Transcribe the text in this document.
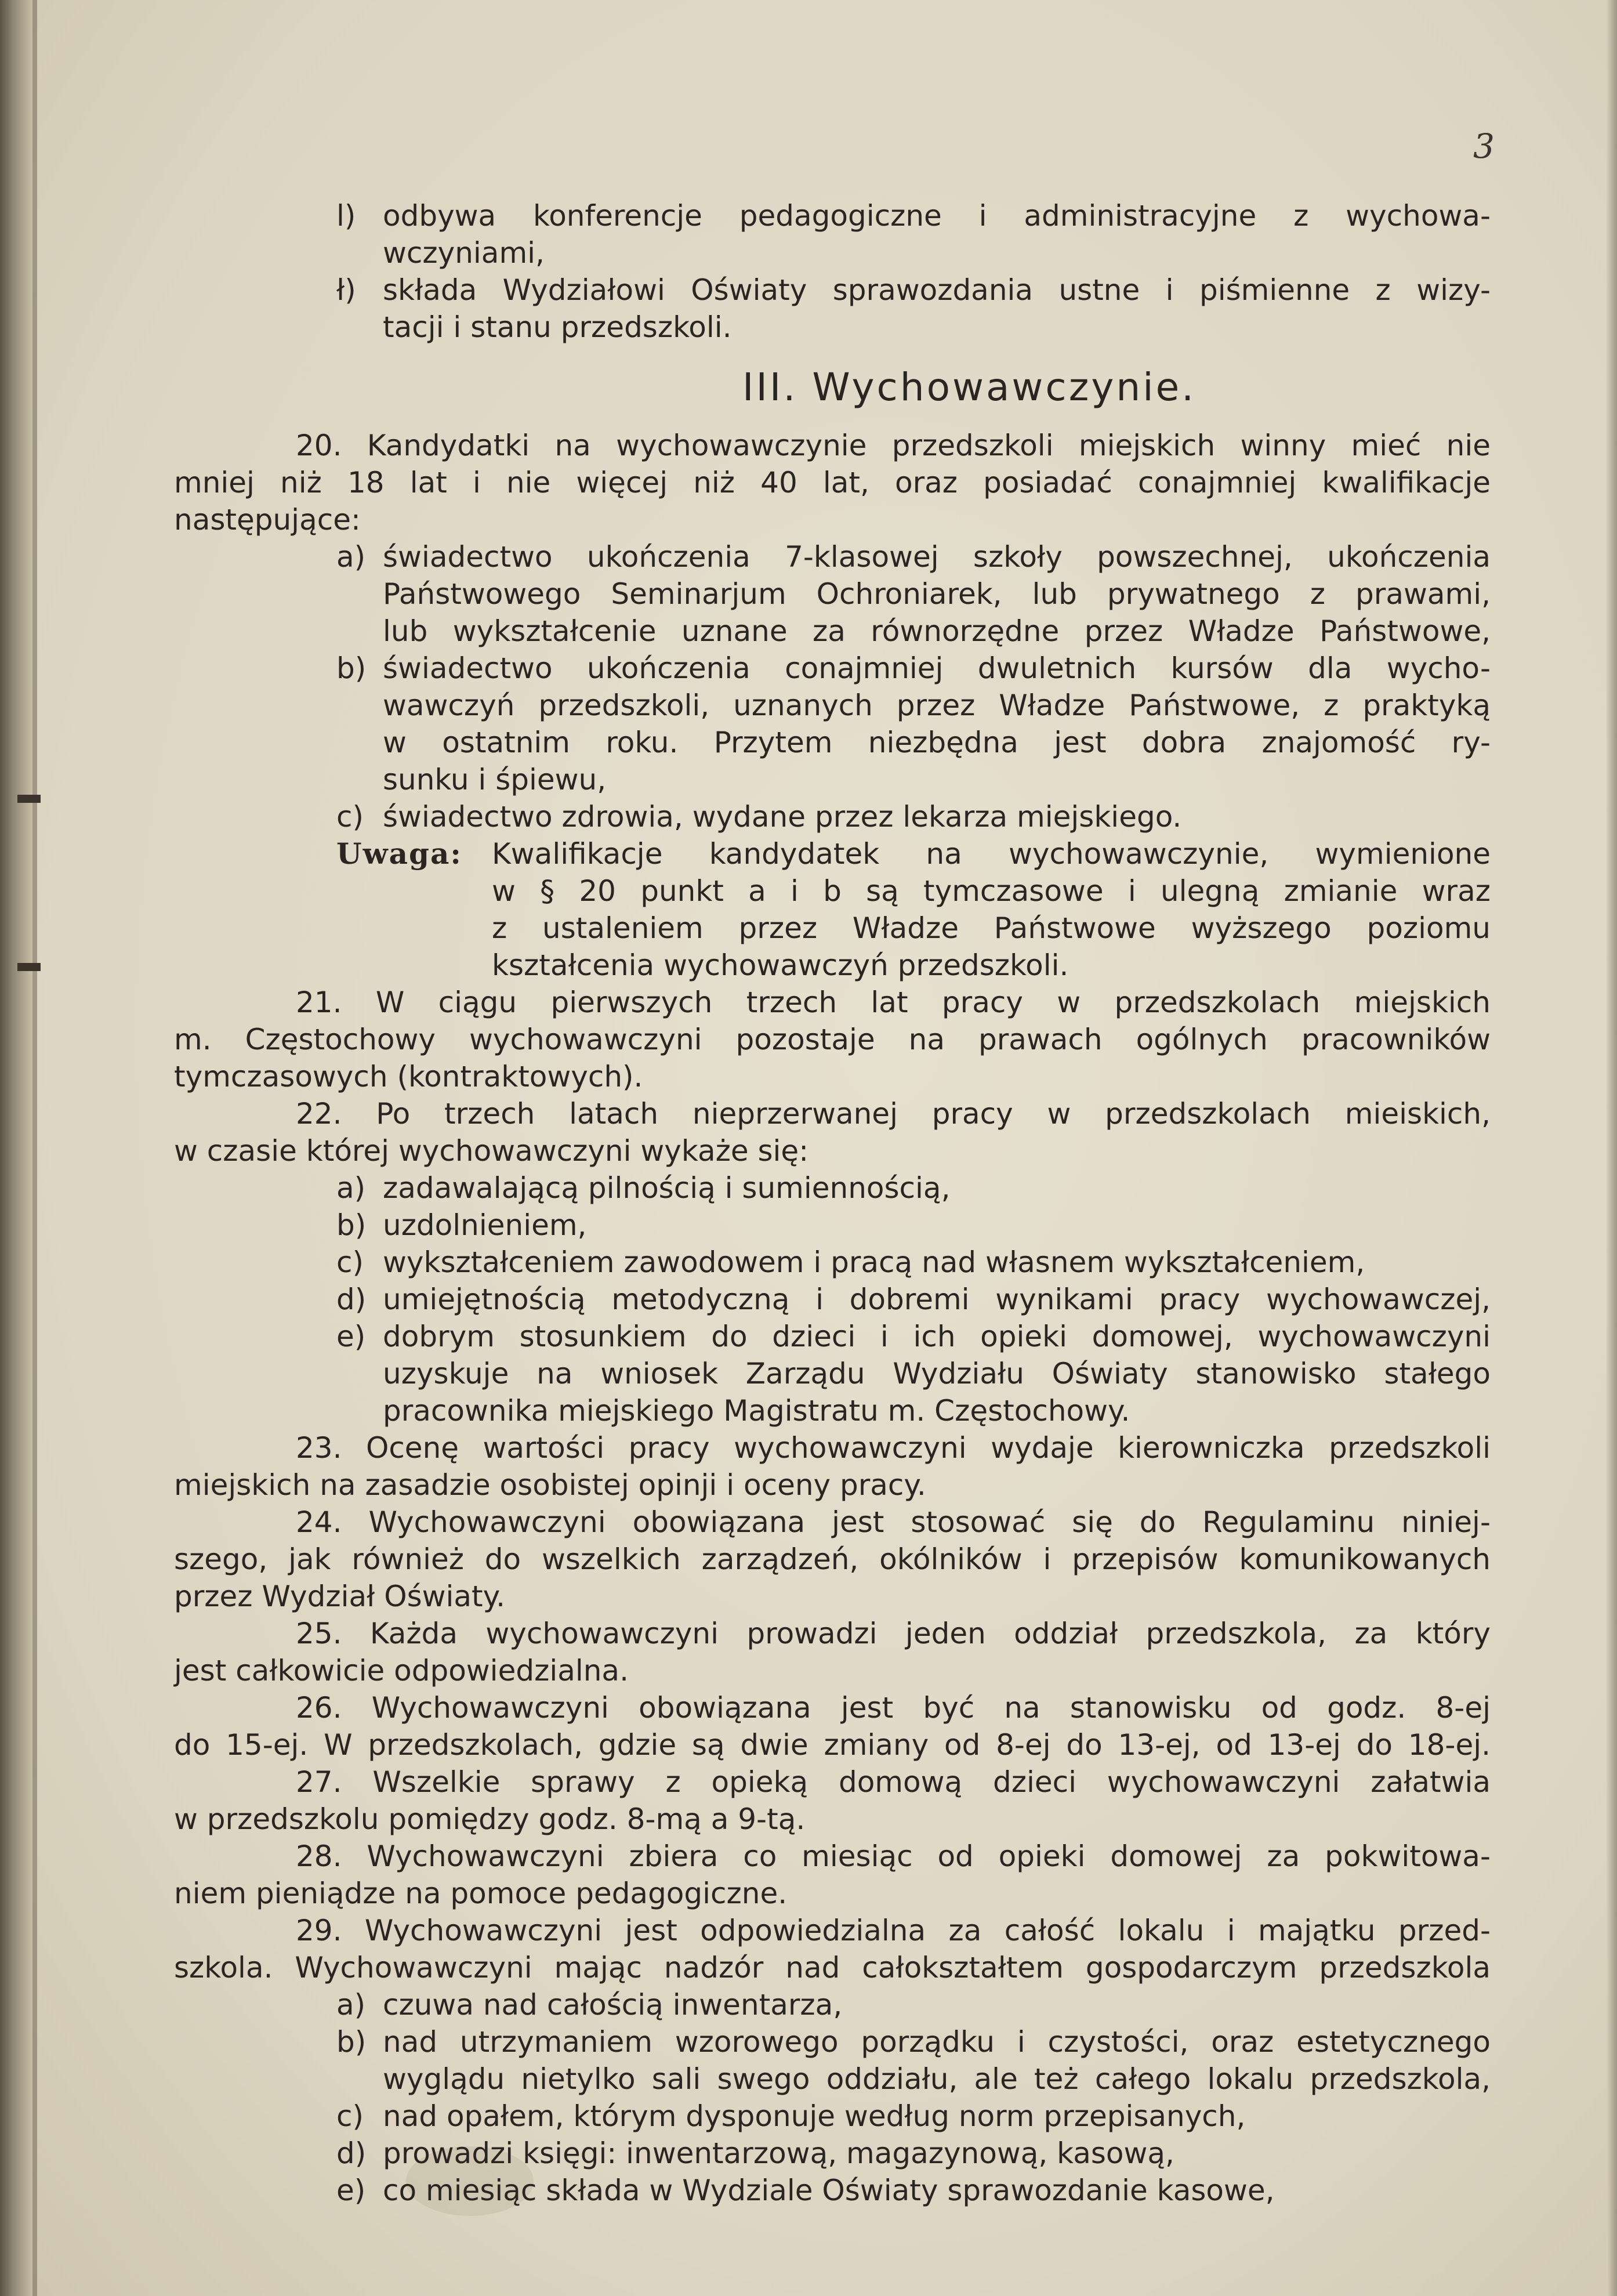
3
l) odbywa konferencje pedagogiczne i administracyjne z wychowa-
wczyniami,
ł) składa Wydziałowi Oświaty sprawozdania ustne i piśmienne z wizy-
tacji i stanu przedszkoli.
III. Wychowawczynie.
20. Kandydatki na wychowawczynie przedszkoli miejskich winny mieć nie
mniej niż 18 lat i nie więcej niż 40 lat, oraz posiadać conajmniej kwalifikacje
następujące:
a) świadectwo ukończenia 7-klasowej szkoły powszechnej, ukończenia
Państwowego Seminarjum Ochroniarek, lub prywatnego z prawami,
lub wykształcenie uznane za równorzędne przez Władze Państwowe,
b) świadectwo ukończenia conajmniej dwuletnich kursów dla wycho-
wawczyń przedszkoli, uznanych przez Władze Państwowe, z praktyką
w ostatnim roku. Przytem niezbędna jest dobra znajomość ry-
sunku i śpiewu,
c) świadectwo zdrowia, wydane przez lekarza miejskiego.
Uwaga: Kwalifikacje kandydatek na wychowawczynie, wymienione
w § 20 punkt a i b są tymczasowe i ulegną zmianie wraz
z ustaleniem przez Władze Państwowe wyższego poziomu
kształcenia wychowawczyń przedszkoli.
21. W ciągu pierwszych trzech lat pracy w przedszkolach miejskich
m. Częstochowy wychowawczyni pozostaje na prawach ogólnych pracowników
tymczasowych (kontraktowych).
22. Po trzech latach nieprzerwanej pracy w przedszkolach mieiskich,
w czasie której wychowawczyni wykaże się:
a) zadawalającą pilnością i sumiennością,
b) uzdolnieniem,
c) wykształceniem zawodowem i pracą nad własnem wykształceniem,
d) umiejętnością metodyczną i dobremi wynikami pracy wychowawczej,
e) dobrym stosunkiem do dzieci i ich opieki domowej, wychowawczyni
uzyskuje na wniosek Zarządu Wydziału Oświaty stanowisko stałego
pracownika miejskiego Magistratu m. Częstochowy.
23. Ocenę wartości pracy wychowawczyni wydaje kierowniczka przedszkoli
miejskich na zasadzie osobistej opinji i oceny pracy.
24. Wychowawczyni obowiązana jest stosować się do Regulaminu niniej-
szego, jak również do wszelkich zarządzeń, okólników i przepisów komunikowanych
przez Wydział Oświaty.
25. Każda wychowawczyni prowadzi jeden oddział przedszkola, za który
jest całkowicie odpowiedzialna.
26. Wychowawczyni obowiązana jest być na stanowisku od godz. 8-ej
do 15-ej. W przedszkolach, gdzie są dwie zmiany od 8-ej do 13-ej, od 13-ej do 18-ej.
27. Wszelkie sprawy z opieką domową dzieci wychowawczyni załatwia
w przedszkolu pomiędzy godz. 8-mą a 9-tą.
28. Wychowawczyni zbiera co miesiąc od opieki domowej za pokwitowa-
niem pieniądze na pomoce pedagogiczne.
29. Wychowawczyni jest odpowiedzialna za całość lokalu i majątku przed-
szkola. Wychowawczyni mając nadzór nad całokształtem gospodarczym przedszkola
a) czuwa nad całością inwentarza,
b) nad utrzymaniem wzorowego porządku i czystości, oraz estetycznego
wyglądu nietylko sali swego oddziału, ale też całego lokalu przedszkola,
c) nad opałem, którym dysponuje według norm przepisanych,
d) prowadzi księgi: inwentarzową, magazynową, kasową,
e) co miesiąc składa w Wydziale Oświaty sprawozdanie kasowe,
